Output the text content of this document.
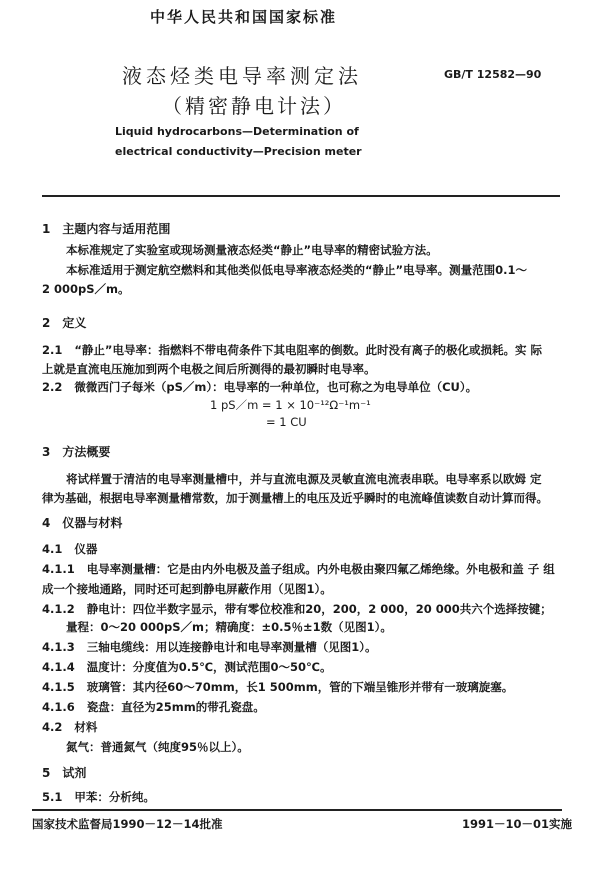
中华人民共和国国家标准
液态烃类电导率测定法	GB/T 12582—90
（精密静电计法）
Liquid hydrocarbons—Determination of
electrical conductivity—Precision meter
1 主题内容与适用范围
本标准规定了实验室或现场测量液态烃类“静止”电导率的精密试验方法。
本标准适用于测定航空燃料和其他类似低电导率液态烃类的“静止”电导率。测量范围0.1～
2 000pS／m。
2 定义
2.1 “静止”电导率：指燃料不带电荷条件下其电阻率的倒数。此时没有离子的极化或损耗。实 际
上就是直流电压施加到两个电极之间后所测得的最初瞬时电导率。
2.2 微微西门子每米（pS／m）：电导率的一种单位，也可称之为电导单位（CU）。
1 pS／m = 1 × 10⁻¹²Ω⁻¹m⁻¹
= 1 CU
3 方法概要
将试样置于清洁的电导率测量槽中，并与直流电源及灵敏直流电流表串联。电导率系以欧姆 定
律为基础，根据电导率测量槽常数，加于测量槽上的电压及近乎瞬时的电流峰值读数自动计算而得。
4 仪器与材料
4.1 仪器
4.1.1 电导率测量槽：它是由内外电极及盖子组成。内外电极由聚四氟乙烯绝缘。外电极和盖 子 组
成一个接地通路，同时还可起到静电屏蔽作用（见图1）。
4.1.2 静电计：四位半数字显示，带有零位校准和20，200，2 000，20 000共六个选择按键；
量程：0～20 000pS／m；精确度：±0.5％±1数（见图1）。
4.1.3 三轴电缆线：用以连接静电计和电导率测量槽（见图1）。
4.1.4 温度计：分度值为0.5℃，测试范围0～50℃。
4.1.5 玻璃管：其内径60～70mm，长1 500mm，管的下端呈锥形并带有一玻璃旋塞。
4.1.6 瓷盘：直径为25mm的带孔瓷盘。
4.2 材料
氮气：普通氮气（纯度95％以上）。
5 试剂
5.1 甲苯：分析纯。
国家技术监督局1990－12－14批准	1991－10－01实施
